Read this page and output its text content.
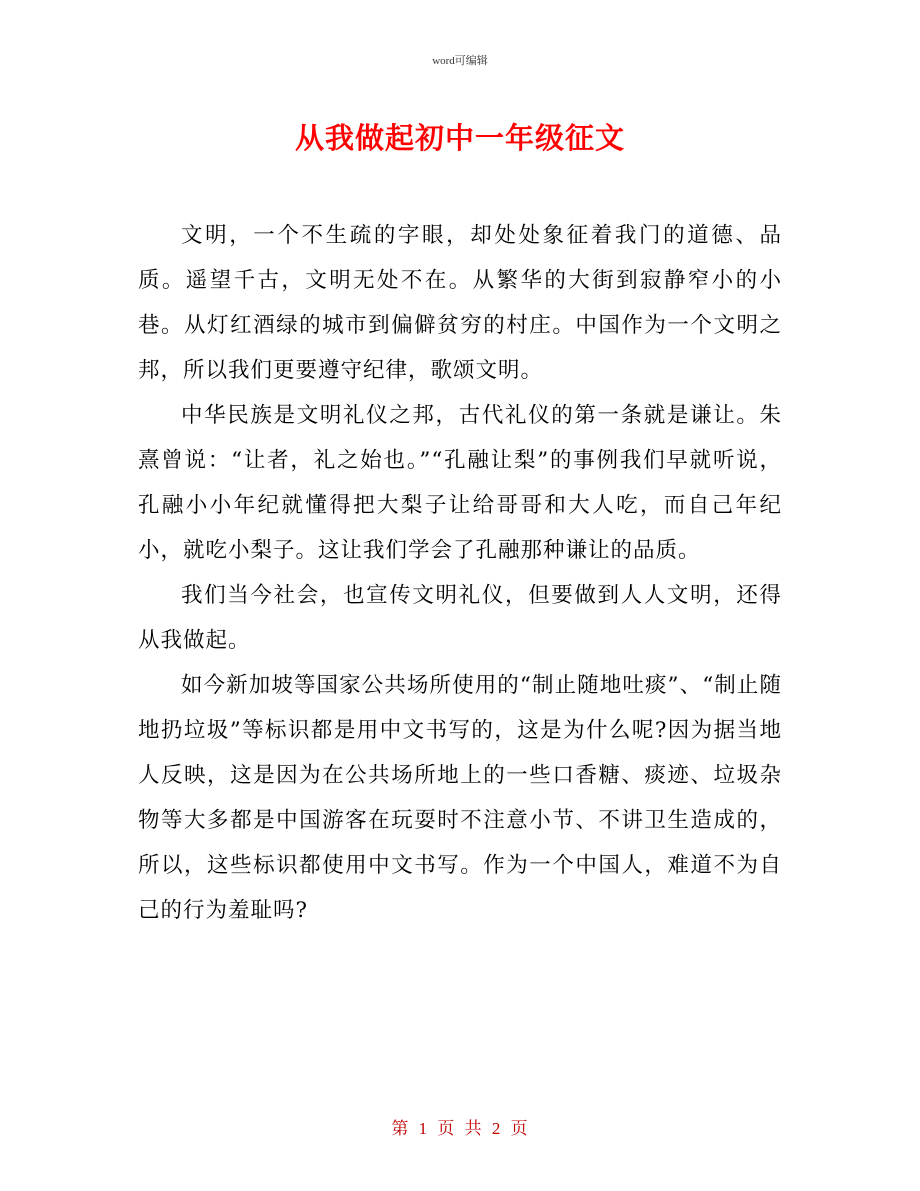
word可编辑
从我做起初中一年级征文

文明，一个不生疏的字眼，却处处象征着我门的道德、品质。遥望千古，文明无处不在。从繁华的大街到寂静窄小的小巷。从灯红酒绿的城市到偏僻贫穷的村庄。中国作为一个文明之邦，所以我们更要遵守纪律，歌颂文明。

中华民族是文明礼仪之邦，古代礼仪的第一条就是谦让。朱熹曾说：“让者，礼之始也。”“孔融让梨”的事例我们早就听说，孔融小小年纪就懂得把大梨子让给哥哥和大人吃，而自己年纪小，就吃小梨子。这让我们学会了孔融那种谦让的品质。

我们当今社会，也宣传文明礼仪，但要做到人人文明，还得从我做起。

如今新加坡等国家公共场所使用的“制止随地吐痰”、“制止随地扔垃圾”等标识都是用中文书写的，这是为什么呢?因为据当地人反映，这是因为在公共场所地上的一些口香糖、痰迹、垃圾杂物等大多都是中国游客在玩耍时不注意小节、不讲卫生造成的，所以，这些标识都使用中文书写。作为一个中国人，难道不为自己的行为羞耻吗?

第 1 页 共 2 页
